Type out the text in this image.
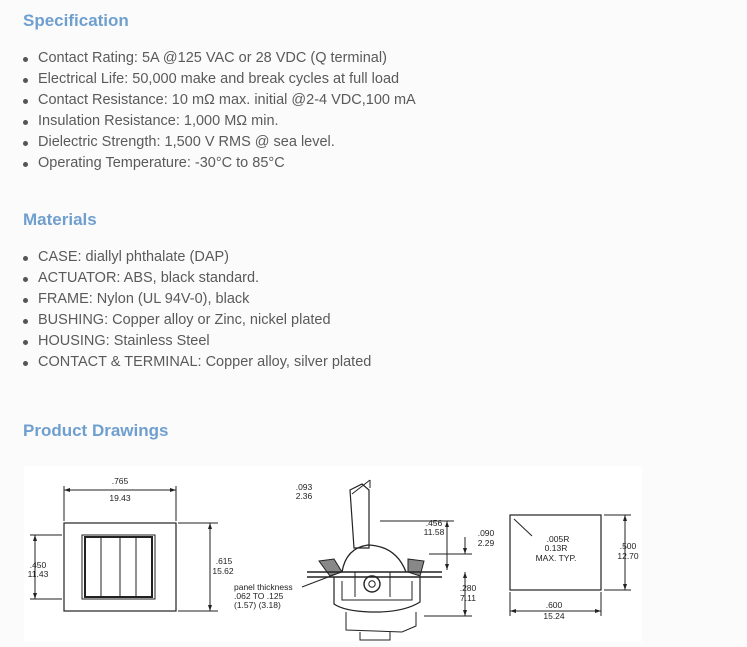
Specification
Contact Rating: 5A @125 VAC or 28 VDC (Q terminal)
Electrical Life: 50,000 make and break cycles at full load
Contact Resistance: 10 mΩ max. initial @2-4 VDC,100 mA
Insulation Resistance: 1,000 MΩ min.
Dielectric Strength: 1,500 V RMS @ sea level.
Operating Temperature: -30°C to 85°C
Materials
CASE: diallyl phthalate (DAP)
ACTUATOR: ABS, black standard.
FRAME: Nylon (UL 94V-0), black
BUSHING: Copper alloy or Zinc, nickel plated
HOUSING: Stainless Steel
CONTACT & TERMINAL: Copper alloy, silver plated
Product Drawings
.765
19.43
.615
15.62
.450
11.43
.093
2.36
.456
11.58	.090
2.29
.280
7.11
.005R
0.13R
MAX. TYP.
.500
12.70
.600
15.24
panel thickness
.062 TO .125
(1.57) (3.18)
